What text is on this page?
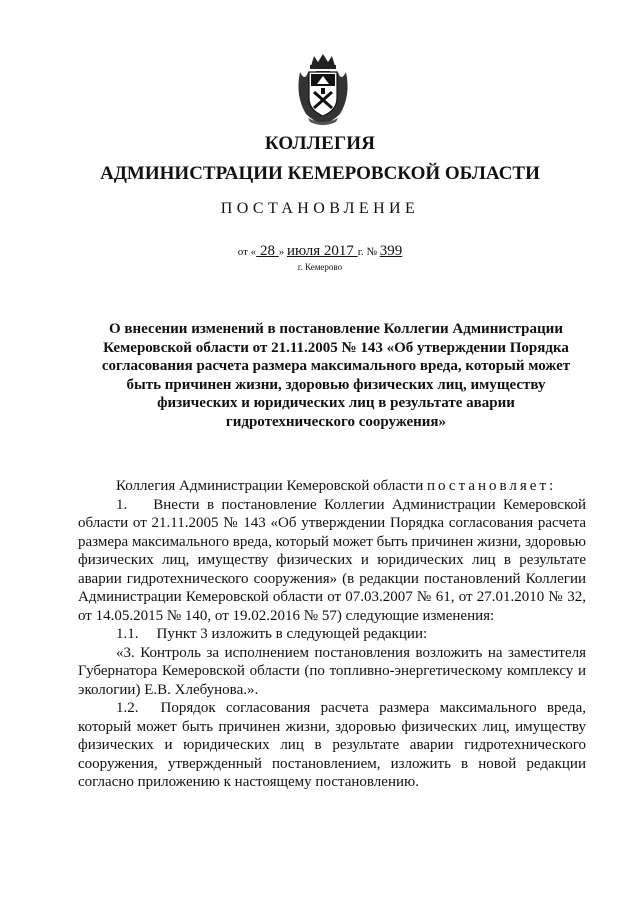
КОЛЛЕГИЯ
АДМИНИСТРАЦИИ КЕМЕРОВСКОЙ ОБЛАСТИ
ПОСТАНОВЛЕНИЕ
от « 28 » июля 2017 г. № 399
г. Кемерово
О внесении изменений в постановление Коллегии Администрации Кемеровской области от 21.11.2005 № 143 «Об утверждении Порядка согласования расчета размера максимального вреда, который может быть причинен жизни, здоровью физических лиц, имуществу физических и юридических лиц в результате аварии гидротехнического сооружения»

Коллегия Администрации Кемеровской области постановляет:

1. Внести в постановление Коллегии Администрации Кемеровской области от 21.11.2005 № 143 «Об утверждении Порядка согласования расчета размера максимального вреда, который может быть причинен жизни, здоровью физических лиц, имуществу физических и юридических лиц в результате аварии гидротехнического сооружения» (в редакции постановлений Коллегии Администрации Кемеровской области от 07.03.2007 № 61, от 27.01.2010 № 32, от 14.05.2015 № 140, от 19.02.2016 № 57) следующие изменения:

1.1. Пункт 3 изложить в следующей редакции:

«3. Контроль за исполнением постановления возложить на заместителя Губернатора Кемеровской области (по топливно-энергетическому комплексу и экологии) Е.В. Хлебунова.».

1.2. Порядок согласования расчета размера максимального вреда, который может быть причинен жизни, здоровью физических лиц, имуществу физических и юридических лиц в результате аварии гидротехнического сооружения, утвержденный постановлением, изложить в новой редакции согласно приложению к настоящему постановлению.
